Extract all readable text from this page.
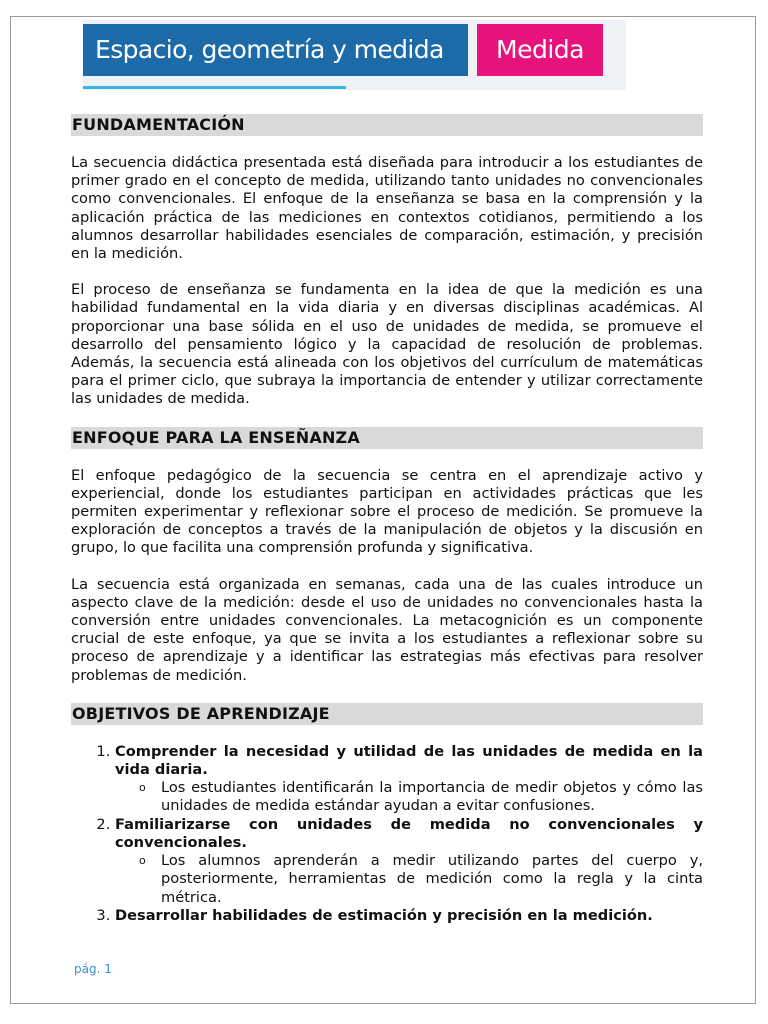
Espacio, geometría y medida	Medida
FUNDAMENTACIÓN

La secuencia didáctica presentada está diseñada para introducir a los estudiantes de primer grado en el concepto de medida, utilizando tanto unidades no convencionales como convencionales. El enfoque de la enseñanza se basa en la comprensión y la aplicación práctica de las mediciones en contextos cotidianos, permitiendo a los alumnos desarrollar habilidades esenciales de comparación, estimación, y precisión en la medición.

El proceso de enseñanza se fundamenta en la idea de que la medición es una habilidad fundamental en la vida diaria y en diversas disciplinas académicas. Al proporcionar una base sólida en el uso de unidades de medida, se promueve el desarrollo del pensamiento lógico y la capacidad de resolución de problemas. Además, la secuencia está alineada con los objetivos del currículum de matemáticas para el primer ciclo, que subraya la importancia de entender y utilizar correctamente las unidades de medida.

ENFOQUE PARA LA ENSEÑANZA

El enfoque pedagógico de la secuencia se centra en el aprendizaje activo y experiencial, donde los estudiantes participan en actividades prácticas que les permiten experimentar y reflexionar sobre el proceso de medición. Se promueve la exploración de conceptos a través de la manipulación de objetos y la discusión en grupo, lo que facilita una comprensión profunda y significativa.

La secuencia está organizada en semanas, cada una de las cuales introduce un aspecto clave de la medición: desde el uso de unidades no convencionales hasta la conversión entre unidades convencionales. La metacognición es un componente crucial de este enfoque, ya que se invita a los estudiantes a reflexionar sobre su proceso de aprendizaje y a identificar las estrategias más efectivas para resolver problemas de medición.

OBJETIVOS DE APRENDIZAJE
1. Comprender la necesidad y utilidad de las unidades de medida en la vida diaria.
o Los estudiantes identificarán la importancia de medir objetos y cómo las unidades de medida estándar ayudan a evitar confusiones.
2. Familiarizarse con unidades de medida no convencionales y convencionales.
o Los alumnos aprenderán a medir utilizando partes del cuerpo y, posteriormente, herramientas de medición como la regla y la cinta métrica.
3. Desarrollar habilidades de estimación y precisión en la medición.
pág. 1
